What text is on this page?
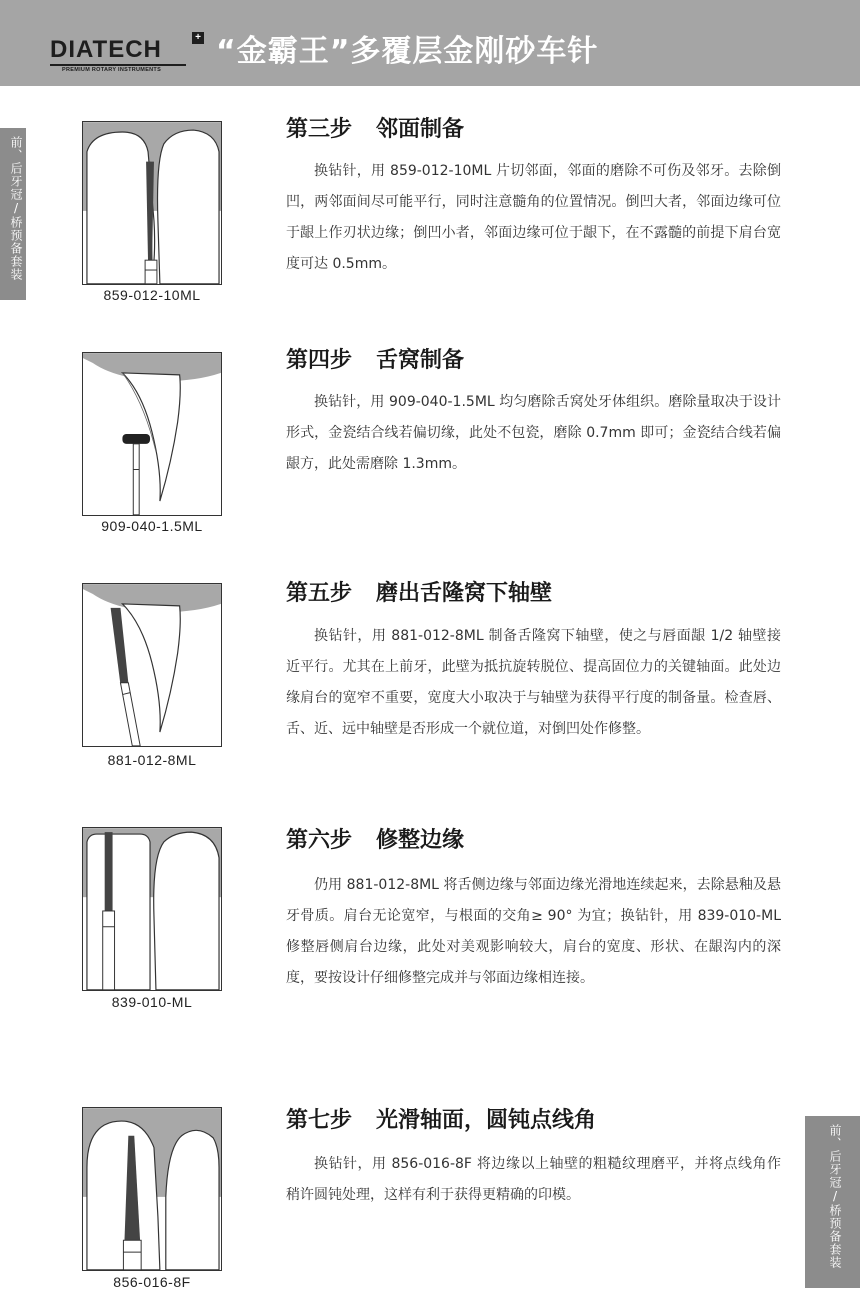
DIATECH	+
PREMIUM ROTARY INSTRUMENTS
“金霸王”多覆层金刚砂车针
前、后牙冠/桥预备套装
前、后牙冠/桥预备套装
859-012-10ML
第三步 邻面制备
换钻针，用 859-012-10ML 片切邻面，邻面的磨除不可伤及邻牙。去除倒凹，两邻面间尽可能平行，同时注意髓角的位置情况。倒凹大者，邻面边缘可位于龈上作刃状边缘；倒凹小者，邻面边缘可位于龈下，在不露髓的前提下肩台宽度可达 0.5mm。
909-040-1.5ML
第四步 舌窝制备
换钻针，用 909-040-1.5ML 均匀磨除舌窝处牙体组织。磨除量取决于设计形式，金瓷结合线若偏切缘，此处不包瓷，磨除 0.7mm 即可；金瓷结合线若偏龈方，此处需磨除 1.3mm。
881-012-8ML
第五步 磨出舌隆窝下轴壁
换钻针，用 881-012-8ML 制备舌隆窝下轴壁，使之与唇面龈 1/2 轴壁接近平行。尤其在上前牙，此壁为抵抗旋转脱位、提高固位力的关键轴面。此处边缘肩台的宽窄不重要，宽度大小取决于与轴壁为获得平行度的制备量。检查唇、舌、近、远中轴壁是否形成一个就位道，对倒凹处作修整。
839-010-ML
第六步 修整边缘
仍用 881-012-8ML 将舌侧边缘与邻面边缘光滑地连续起来，去除悬釉及悬牙骨质。肩台无论宽窄，与根面的交角≥ 90° 为宜；换钻针，用 839-010-ML 修整唇侧肩台边缘，此处对美观影响较大，肩台的宽度、形状、在龈沟内的深度，要按设计仔细修整完成并与邻面边缘相连接。
856-016-8F
第七步 光滑轴面，圆钝点线角
换钻针，用 856-016-8F 将边缘以上轴壁的粗糙纹理磨平，并将点线角作稍许圆钝处理，这样有利于获得更精确的印模。
